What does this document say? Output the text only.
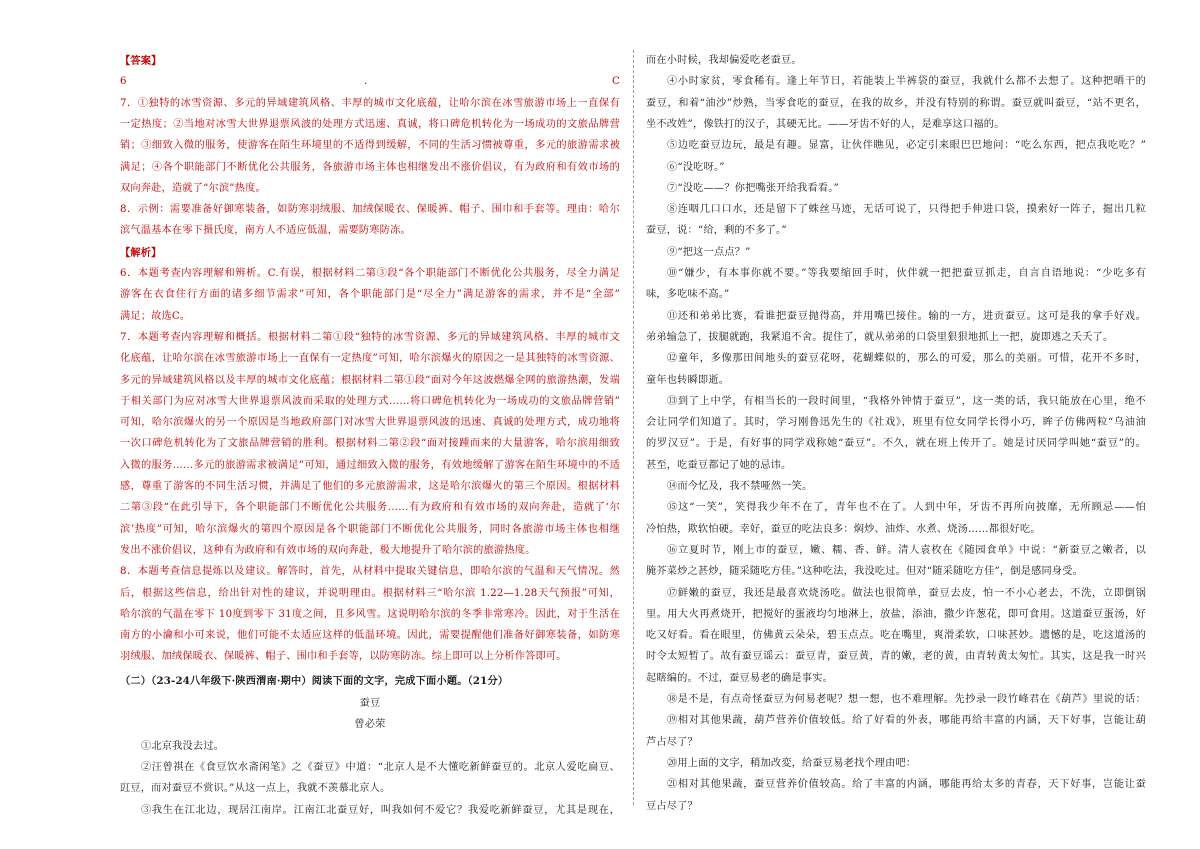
【答案】

6．C

7．①独特的冰雪资源、多元的异域建筑风格、丰厚的城市文化底蕴，让哈尔滨在冰雪旅游市场上一直保有

一定热度；②当地对冰雪大世界退票风波的处理方式迅速、真诚，将口碑危机转化为一场成功的文旅品牌营

销；③细致入微的服务，使游客在陌生环境里的不适得到缓解，不同的生活习惯被尊重，多元的旅游需求被

满足；④各个职能部门不断优化公共服务，各旅游市场主体也相继发出不涨价倡议，有为政府和有效市场的

双向奔赴，造就了“尔滨”热度。

8．示例：需要准备好御寒装备，如防寒羽绒服、加绒保暖衣、保暖裤、帽子、围巾和手套等。理由：哈尔

滨气温基本在零下摄氏度，南方人不适应低温，需要防寒防冻。

【解析】

6．本题考查内容理解和辨析。C.有误，根据材料二第③段“各个职能部门不断优化公共服务，尽全力满足

游客在衣食住行方面的诸多细节需求”可知，各个职能部门是“尽全力”满足游客的需求，并不是“全部”

满足；故选C。

7．本题考查内容理解和概括。根据材料二第①段“独特的冰雪资源、多元的异域建筑风格、丰厚的城市文

化底蕴，让哈尔滨在冰雪旅游市场上一直保有一定热度”可知，哈尔滨爆火的原因之一是其独特的冰雪资源、

多元的异域建筑风格以及丰厚的城市文化底蕴；根据材料二第①段“面对今年这波燃爆全网的旅游热潮，发端

于相关部门为应对冰雪大世界退票风波而采取的处理方式……将口碑危机转化为一场成功的文旅品牌营销”

可知，哈尔滨爆火的另一个原因是当地政府部门对冰雪大世界退票风波的迅速、真诚的处理方式，成功地将

一次口碑危机转化为了文旅品牌营销的胜利。根据材料二第②段“面对接踵而来的大量游客，哈尔滨用细致

入微的服务……多元的旅游需求被满足”可知，通过细致入微的服务，有效地缓解了游客在陌生环境中的不适

感，尊重了游客的不同生活习惯，并满足了他们的多元旅游需求，这是哈尔滨爆火的第三个原因。根据材料

二第③段“在此引导下，各个职能部门不断优化公共服务……有为政府和有效市场的双向奔赴，造就了‘尔

滨’热度”可知，哈尔滨爆火的第四个原因是各个职能部门不断优化公共服务，同时各旅游市场主体也相继

发出不涨价倡议，这种有为政府和有效市场的双向奔赴，极大地提升了哈尔滨的旅游热度。

8．本题考查信息提炼以及建议。解答时，首先，从材料中提取关键信息，即哈尔滨的气温和天气情况。然

后，根据这些信息，给出针对性的建议，并说明理由。根据材料三“哈尔滨 1.22—1.28天气预报”可知，

哈尔滨的气温在零下 10度到零下 31度之间，且多风雪。这说明哈尔滨的冬季非常寒冷。因此，对于生活在

南方的小瀹和小可来说，他们可能不太适应这样的低温环境。因此，需要提醒他们准备好御寒装备，如防寒

羽绒服、加绒保暖衣、保暖裤、帽子、围巾和手套等，以防寒防冻。综上即可以上分析作答即可。

（二）（23-24八年级下·陕西渭南·期中）阅读下面的文字，完成下面小题。（21分）

蚕豆

曾必荣

①北京我没去过。

②汪曾祺在《食豆饮水斋闲笔》之《蚕豆》中道：“北京人是不大懂吃新鲜蚕豆的。北京人爱吃扁豆、

豇豆，而对蚕豆不赏识。”从这一点上，我就不羡慕北京人。

③我生在江北边，现居江南岸。江南江北蚕豆好，叫我如何不爱它？我爱吃新鲜蚕豆，尤其是现在，

而在小时候，我却偏爱吃老蚕豆。

④小时家贫，零食稀有。逢上年节日，若能装上半裤袋的蚕豆，我就什么都不去想了。这种把晒干的

蚕豆，和着“油沙”炒熟，当零食吃的蚕豆，在我的故乡，并没有特别的称谓。蚕豆就叫蚕豆，“站不更名，

坐不改姓”，像铁打的汉子，其硬无比。——牙齿不好的人，是难享这口福的。

⑤边吃蚕豆边玩，最是有趣。显富，让伙伴瞧见，必定引来眼巴巴地问：“吃么东西，把点我吃吃？”

⑥“没吃呀。”

⑦“没吃——？你把嘴张开给我看看。”

⑧连咽几口口水，还是留下了蛛丝马迹，无话可说了，只得把手伸进口袋，摸索好一阵子，掘出几粒

蚕豆，说：“给，剩的不多了。”

⑨“把这一点点？”

⑩“嫌少，有本事你就不要。”等我要缩回手时，伙伴就一把把蚕豆抓走，自言自语地说：“少吃多有

味，多吃味不高。”

⑪还和弟弟比赛，看谁把蚕豆抛得高，并用嘴巴接住。输的一方，进贡蚕豆。这可是我的拿手好戏。

弟弟输急了，拔腿就跑，我紧追不舍。捉住了，就从弟弟的口袋里狠狠地抓上一把，旋即逃之夭夭了。

⑫童年，多像那田间地头的蚕豆花呀，花蝴蝶似的，那么的可爱，那么的美丽。可惜，花开不多时，

童年也转瞬即逝。

⑬到了上中学，有相当长的一段时间里，“我格外钟情于蚕豆”，这一类的话，我只能放在心里，绝不

会让同学们知道了。其时，学习刚鲁迅先生的《社戏》，班里有位女同学长得小巧，眸子仿佛两粒“乌油油

的罗汉豆”。于是，有好事的同学戏称她“蚕豆”。不久，就在班上传开了。她是讨厌同学叫她“蚕豆”的。

甚至，吃蚕豆都记了她的忌讳。

⑭而今忆及，我不禁哑然一笑。

⑮这“一笑”，笑得我少年不在了，青年也不在了。人到中年，牙齿不再所向披靡，无所顾忌——怕

冷怕热，欺软怕硬。幸好，蚕豆的吃法良多：焖炒、油炸、水煮、烧汤……都很好吃。

⑯立夏时节，刚上市的蚕豆，嫩、糯、香、鲜。清人袁枚在《随园食单》中说：“新蚕豆之嫩者，以

腌芥菜炒之甚炒，随采随吃方佳。”这种吃法，我没吃过。但对“随采随吃方佳”，倒是感同身受。

⑰鲜嫩的蚕豆，我还是最喜欢烧汤吃。做法也很简单，蚕豆去皮，怕一不小心老去，不洗，立即倒锅

里。用大火再煮烧开，把搅好的蛋液均匀地淋上，放盐，添油，撒少许葱花，即可食用。这道蚕豆蛋汤，好

吃又好看。看在眼里，仿佛黄云朵朵，碧玉点点。吃在嘴里，爽滑柔软，口味甚妙。遗憾的是，吃这道汤的

时令太短暂了。故有蚕豆谣云：蚕豆青，蚕豆黄，青的嫩，老的黄，由青转黄太匆忙。其实，这是我一时兴

起瞎编的。不过，蚕豆易老的确是事实。

⑱是不是，有点奇怪蚕豆为何易老呢？想一想，也不难理解。先抄录一段竹峰君在《葫芦》里说的话：

⑲相对其他果蔬，葫芦营养价值较低。给了好看的外表，哪能再给丰富的内涵，天下好事，岂能让葫

芦占尽了？

⑳用上面的文字，稍加改変，给蚕豆易老找个理由吧：

㉑相对其他果蔬，蚕豆营养价值较高。给了丰富的内涵，哪能再给太多的青春，天下好事，岂能让蚕

豆占尽了？
